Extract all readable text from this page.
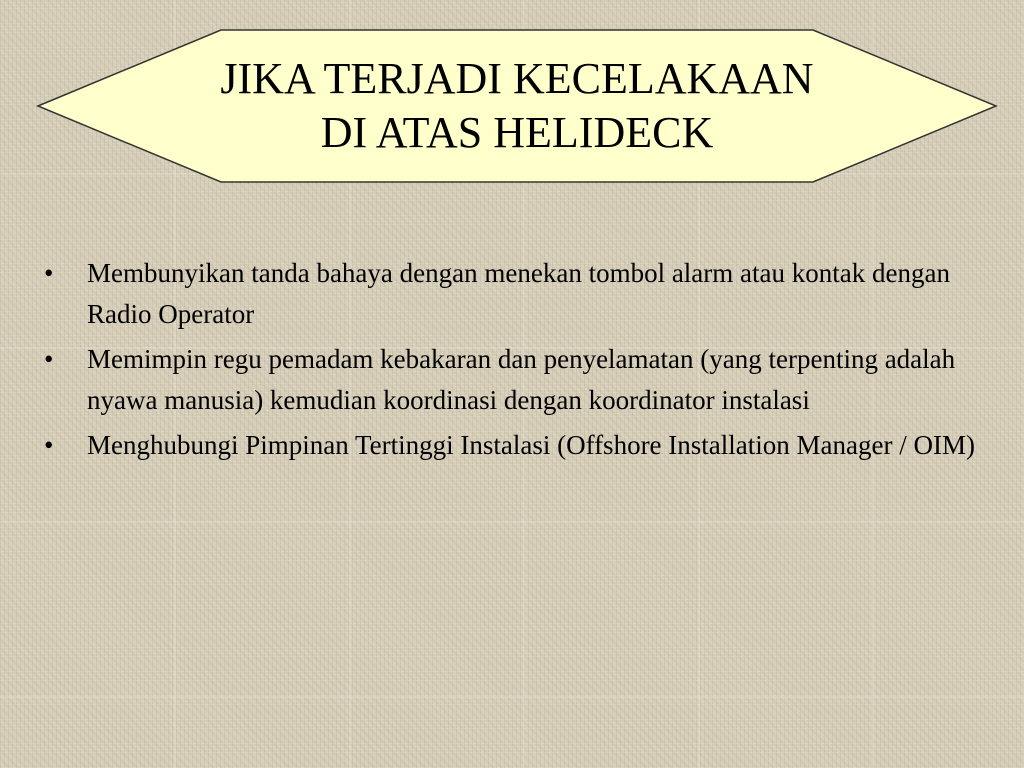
JIKA TERJADI KECELAKAAN
DI ATAS HELIDECK
• Membunyikan tanda bahaya dengan menekan tombol alarm atau kontak dengan Radio Operator
• Memimpin regu pemadam kebakaran dan penyelamatan (yang terpenting adalah nyawa manusia) kemudian koordinasi dengan koordinator instalasi
• Menghubungi Pimpinan Tertinggi Instalasi (Offshore Installation Manager / OIM)
